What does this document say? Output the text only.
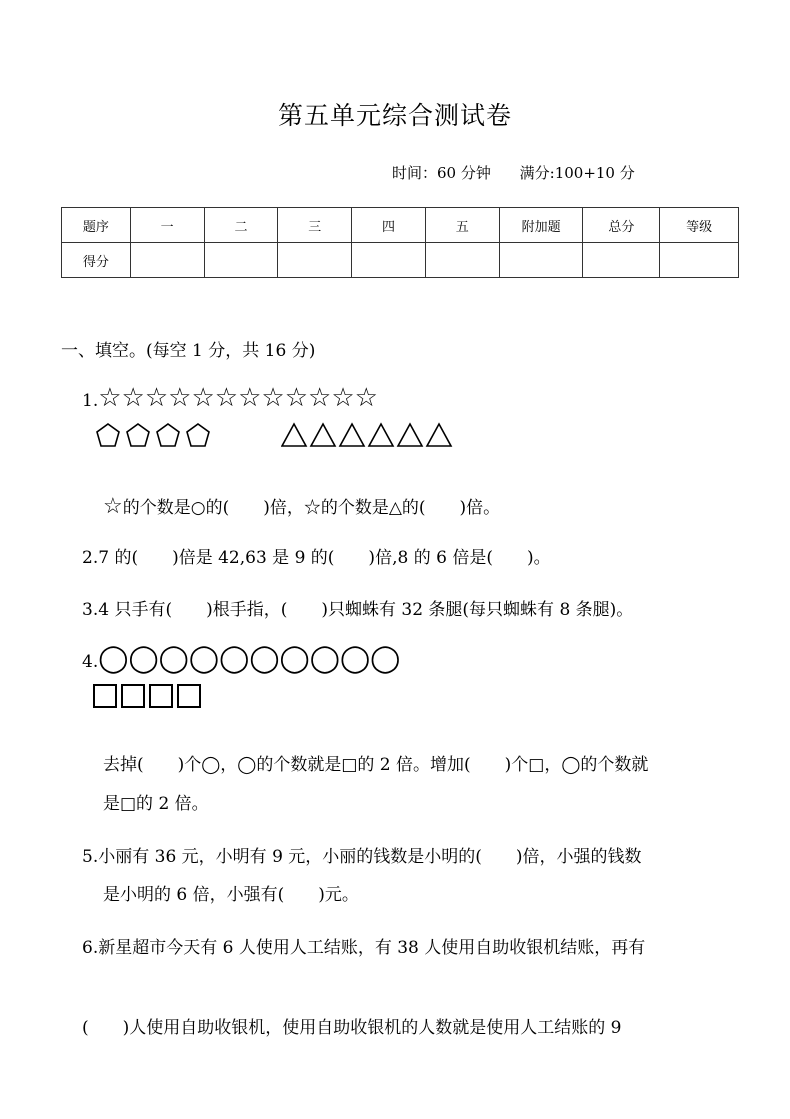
第五单元综合测试卷
时间：60 分钟 满分:100+10 分
题序	一	二	三	四	五	附加题	总分	等级
得分								
一、填空。(每空 1 分，共 16 分)
1.☆☆☆☆☆☆☆☆☆☆☆☆

☆的个数是○的(　　)倍，☆的个数是△的(　　)倍。
2.7 的(　　)倍是 42,63 是 9 的(　　)倍,8 的 6 倍是(　　)。
3.4 只手有(　　)根手指，(　　)只蜘蛛有 32 条腿(每只蜘蛛有 8 条腿)。
4.◯◯◯◯◯◯◯◯◯◯
去掉(　　)个◯，◯的个数就是□的 2 倍。增加(　　)个□，◯的个数就
是□的 2 倍。
5.小丽有 36 元，小明有 9 元，小丽的钱数是小明的(　　)倍，小强的钱数
是小明的 6 倍，小强有(　　)元。
6.新星超市今天有 6 人使用人工结账，有 38 人使用自助收银机结账，再有
(　　)人使用自助收银机，使用自助收银机的人数就是使用人工结账的 9
